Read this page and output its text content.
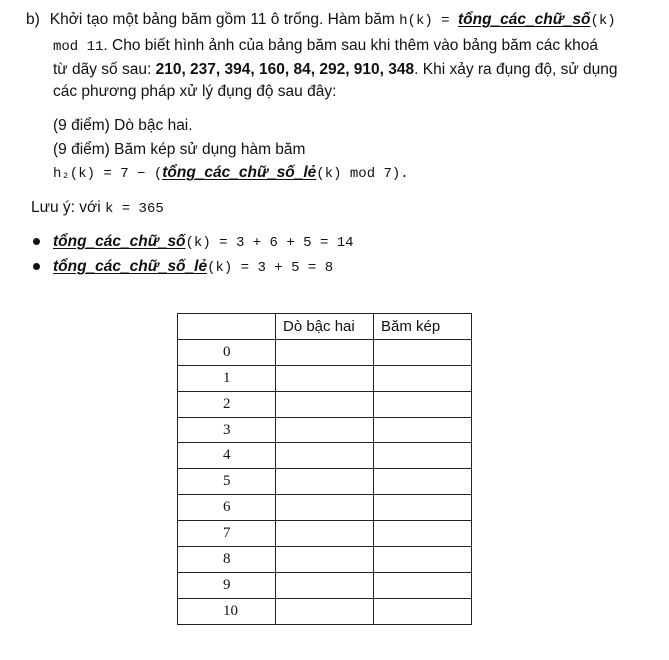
b) Khởi tạo một bảng băm gồm 11 ô trống. Hàm băm h(k) = tổng_các_chữ_số(k)
mod 11. Cho biết hình ảnh của bảng băm sau khi thêm vào bảng băm các khoá
từ dãy số sau: 210, 237, 394, 160, 84, 292, 910, 348. Khi xảy ra đụng độ, sử dụng
các phương pháp xử lý đụng độ sau đây:
(9 điểm) Dò bậc hai.
(9 điểm) Băm kép sử dụng hàm băm
h₂(k) = 7 − (tổng_các_chữ_số_lẻ(k) mod 7).
Lưu ý: với k = 365
tổng_các_chữ_số(k) = 3 + 6 + 5 = 14
tổng_các_chữ_số_lẻ(k) = 3 + 5 = 8
	Dò bậc hai	Băm kép
0		
1		
2		
3		
4		
5		
6		
7		
8		
9		
10		
